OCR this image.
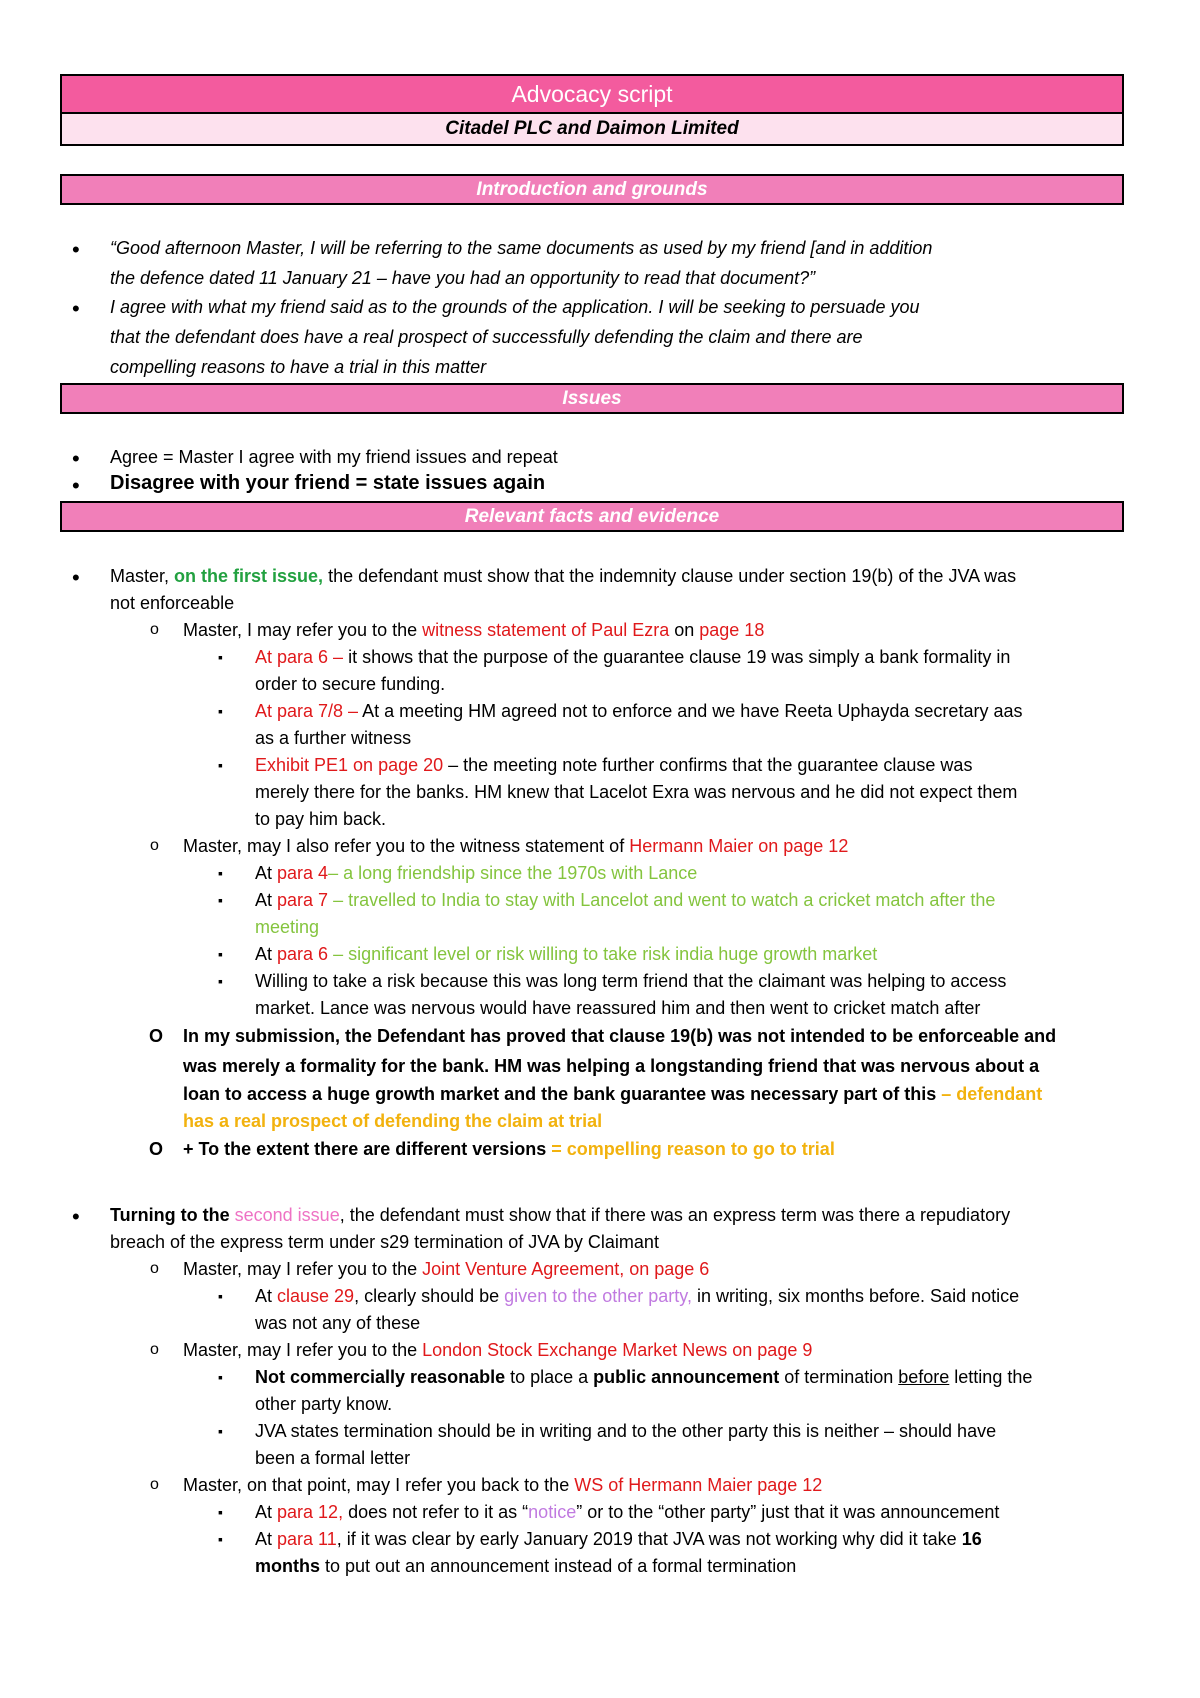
Advocacy script
Citadel PLC and Daimon Limited
Introduction and grounds
•
“Good afternoon Master, I will be referring to the same documents as used by my friend [and in addition
the defence dated 11 January 21 – have you had an opportunity to read that document?”
•
I agree with what my friend said as to the grounds of the application. I will be seeking to persuade you
that the defendant does have a real prospect of successfully defending the claim and there are
compelling reasons to have a trial in this matter
Issues
•
Agree = Master I agree with my friend issues and repeat
•
Disagree with your friend = state issues again
Relevant facts and evidence
•
Master, on the first issue, the defendant must show that the indemnity clause under section 19(b) of the JVA was
not enforceable
o
Master, I may refer you to the witness statement of Paul Ezra on page 18
▪
At para 6 – it shows that the purpose of the guarantee clause 19 was simply a bank formality in
order to secure funding.
▪
At para 7/8 – At a meeting HM agreed not to enforce and we have Reeta Uphayda secretary aas
as a further witness
▪
Exhibit PE1 on page 20 – the meeting note further confirms that the guarantee clause was
merely there for the banks. HM knew that Lacelot Exra was nervous and he did not expect them
to pay him back.
o
Master, may I also refer you to the witness statement of Hermann Maier on page 12
▪
At para 4– a long friendship since the 1970s with Lance
▪
At para 7 – travelled to India to stay with Lancelot and went to watch a cricket match after the
meeting
▪
At para 6 – significant level or risk willing to take risk india huge growth market
▪
Willing to take a risk because this was long term friend that the claimant was helping to access
market. Lance was nervous would have reassured him and then went to cricket match after
O
In my submission, the Defendant has proved that clause 19(b) was not intended to be enforceable and
was merely a formality for the bank. HM was helping a longstanding friend that was nervous about a
loan to access a huge growth market and the bank guarantee was necessary part of this – defendant
has a real prospect of defending the claim at trial
O
+ To the extent there are different versions = compelling reason to go to trial
•
Turning to the second issue, the defendant must show that if there was an express term was there a repudiatory
breach of the express term under s29 termination of JVA by Claimant
o
Master, may I refer you to the Joint Venture Agreement, on page 6
▪
At clause 29, clearly should be given to the other party, in writing, six months before. Said notice
was not any of these
o
Master, may I refer you to the London Stock Exchange Market News on page 9
▪
Not commercially reasonable to place a public announcement of termination before letting the
other party know.
▪
JVA states termination should be in writing and to the other party this is neither – should have
been a formal letter
o
Master, on that point, may I refer you back to the WS of Hermann Maier page 12
▪
At para 12, does not refer to it as “notice” or to the “other party” just that it was announcement
▪
At para 11, if it was clear by early January 2019 that JVA was not working why did it take 16
months to put out an announcement instead of a formal termination
